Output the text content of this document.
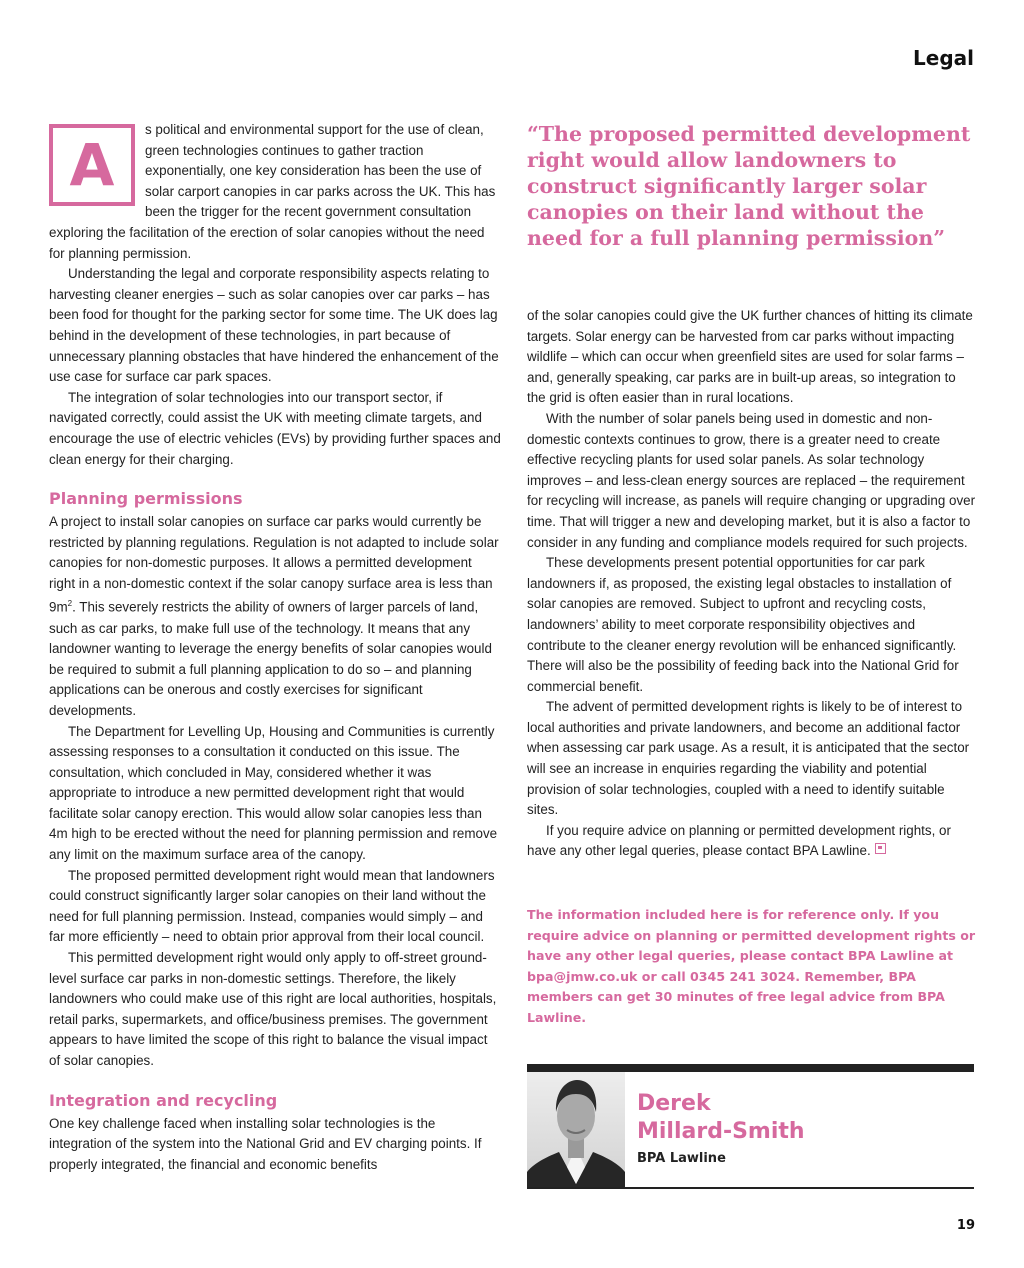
Legal
A

s political and environmental support for the use of clean, green technologies continues to gather traction exponentially, one key consideration has been the use of solar carport canopies in car parks across the UK. This has been the trigger for the recent government consultation exploring the facilitation of the erection of solar canopies without the need for planning permission.

Understanding the legal and corporate responsibility aspects relating to harvesting cleaner energies – such as solar canopies over car parks – has been food for thought for the parking sector for some time. The UK does lag behind in the development of these technologies, in part because of unnecessary planning obstacles that have hindered the enhancement of the use case for surface car park spaces.

The integration of solar technologies into our transport sector, if navigated correctly, could assist the UK with meeting climate targets, and encourage the use of electric vehicles (EVs) by providing further spaces and clean energy for their charging.

Planning permissions

A project to install solar canopies on surface car parks would currently be restricted by planning regulations. Regulation is not adapted to include solar canopies for non-domestic purposes. It allows a permitted development right in a non-domestic context if the solar canopy surface area is less than $9m^2$. This severely restricts the ability of owners of larger parcels of land, such as car parks, to make full use of the technology. It means that any landowner wanting to leverage the energy benefits of solar canopies would be required to submit a full planning application to do so – and planning applications can be onerous and costly exercises for significant developments.

The Department for Levelling Up, Housing and Communities is currently assessing responses to a consultation it conducted on this issue. The consultation, which concluded in May, considered whether it was appropriate to introduce a new permitted development right that would facilitate solar canopy erection. This would allow solar canopies less than 4m high to be erected without the need for planning permission and remove any limit on the maximum surface area of the canopy.

The proposed permitted development right would mean that landowners could construct significantly larger solar canopies on their land without the need for full planning permission. Instead, companies would simply – and far more efficiently – need to obtain prior approval from their local council.

This permitted development right would only apply to off-street ground-level surface car parks in non-domestic settings. Therefore, the likely landowners who could make use of this right are local authorities, hospitals, retail parks, supermarkets, and office/business premises. The government appears to have limited the scope of this right to balance the visual impact of solar canopies.

Integration and recycling

One key challenge faced when installing solar technologies is the integration of the system into the National Grid and EV charging points. If properly integrated, the financial and economic benefits

“The proposed permitted development right would allow landowners to construct significantly larger solar canopies on their land without the need for a full planning permission”

of the solar canopies could give the UK further chances of hitting its climate targets. Solar energy can be harvested from car parks without impacting wildlife – which can occur when greenfield sites are used for solar farms – and, generally speaking, car parks are in built-up areas, so integration to the grid is often easier than in rural locations.

With the number of solar panels being used in domestic and non-domestic contexts continues to grow, there is a greater need to create effective recycling plants for used solar panels. As solar technology improves – and less-clean energy sources are replaced – the requirement for recycling will increase, as panels will require changing or upgrading over time. That will trigger a new and developing market, but it is also a factor to consider in any funding and compliance models required for such projects.

These developments present potential opportunities for car park landowners if, as proposed, the existing legal obstacles to installation of solar canopies are removed. Subject to upfront and recycling costs, landowners’ ability to meet corporate responsibility objectives and contribute to the cleaner energy revolution will be enhanced significantly. There will also be the possibility of feeding back into the National Grid for commercial benefit.

The advent of permitted development rights is likely to be of interest to local authorities and private landowners, and become an additional factor when assessing car park usage. As a result, it is anticipated that the sector will see an increase in enquiries regarding the viability and potential provision of solar technologies, coupled with a need to identify suitable sites.

If you require advice on planning or permitted development rights, or have any other legal queries, please contact BPA Lawline.

The information included here is for reference only. If you require advice on planning or permitted development rights or have any other legal queries, please contact BPA Lawline at bpa@jmw.co.uk or call 0345 241 3024. Remember, BPA members can get 30 minutes of free legal advice from BPA Lawline.

Derek
Millard-Smith
BPA Lawline
19
